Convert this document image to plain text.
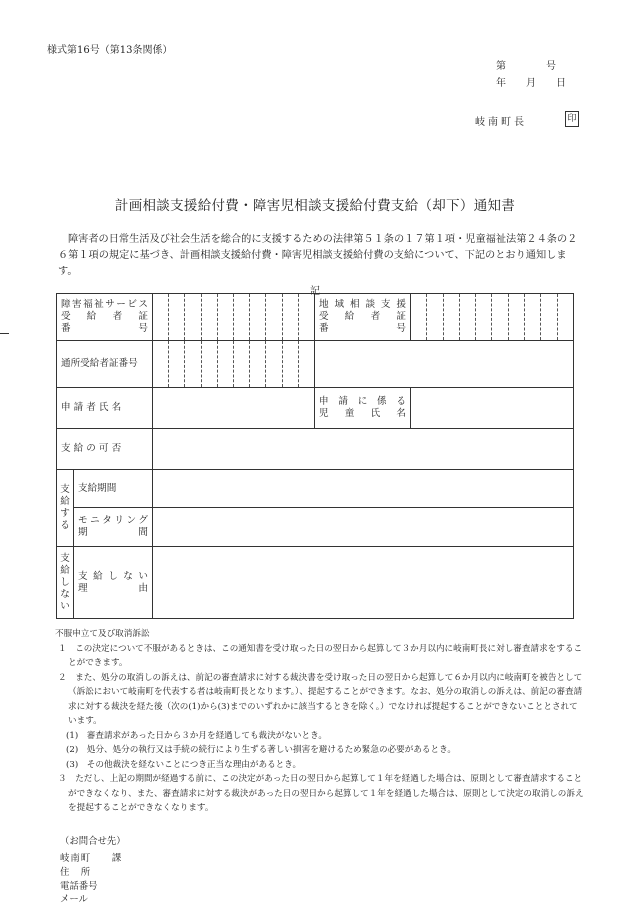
様式第16号（第13条関係）
第　　　　号
年　　月　　日
岐南町長	印
計画相談支援給付費・障害児相談支援給付費支給（却下）通知書
障害者の日常生活及び社会生活を総合的に支援するための法律第５１条の１７第１項・児童福祉法第２４条の２６第１項の規定に基づき、計画相談支援給付費・障害児相談支援給付費の支給について、下記のとおり通知します。
記
障害福祉サービス
受　給　者　証
番　　　　　号			地域相談支援
受　給　者　証
番　　　　　号	

通所受給者証番号			

申 請 者 氏 名			申　請　に　係　る
児　童　氏　名	

支 給 の 可 否				

支給する	支給期間			

	モニタリング
期　　　間			

支給しない	支 給 し な い
理　　　　由			

不服申立て及び取消訴訟

１　この決定について不服があるときは、この通知書を受け取った日の翌日から起算して３か月以内に岐南町長に対し審査請求をすることができます。

２　また、処分の取消しの訴えは、前記の審査請求に対する裁決書を受け取った日の翌日から起算して６か月以内に岐南町を被告として（訴訟において岐南町を代表する者は岐南町長となります。）、提起することができます。なお、処分の取消しの訴えは、前記の審査請求に対する裁決を経た後（次の(1)から(3)までのいずれかに該当するときを除く。）でなければ提起することができないこととされています。

(1)　審査請求があった日から３か月を経過しても裁決がないとき。

(2)　処分、処分の執行又は手続の続行により生ずる著しい損害を避けるため緊急の必要があるとき。

(3)　その他裁決を経ないことにつき正当な理由があるとき。

３　ただし、上記の期間が経過する前に、この決定があった日の翌日から起算して１年を経過した場合は、原則として審査請求することができなくなり、また、審査請求に対する裁決があった日の翌日から起算して１年を経過した場合は、原則として決定の取消しの訴えを提起することができなくなります。

（お問合せ先）
岐南町　　課
住　所
電話番号
メール
